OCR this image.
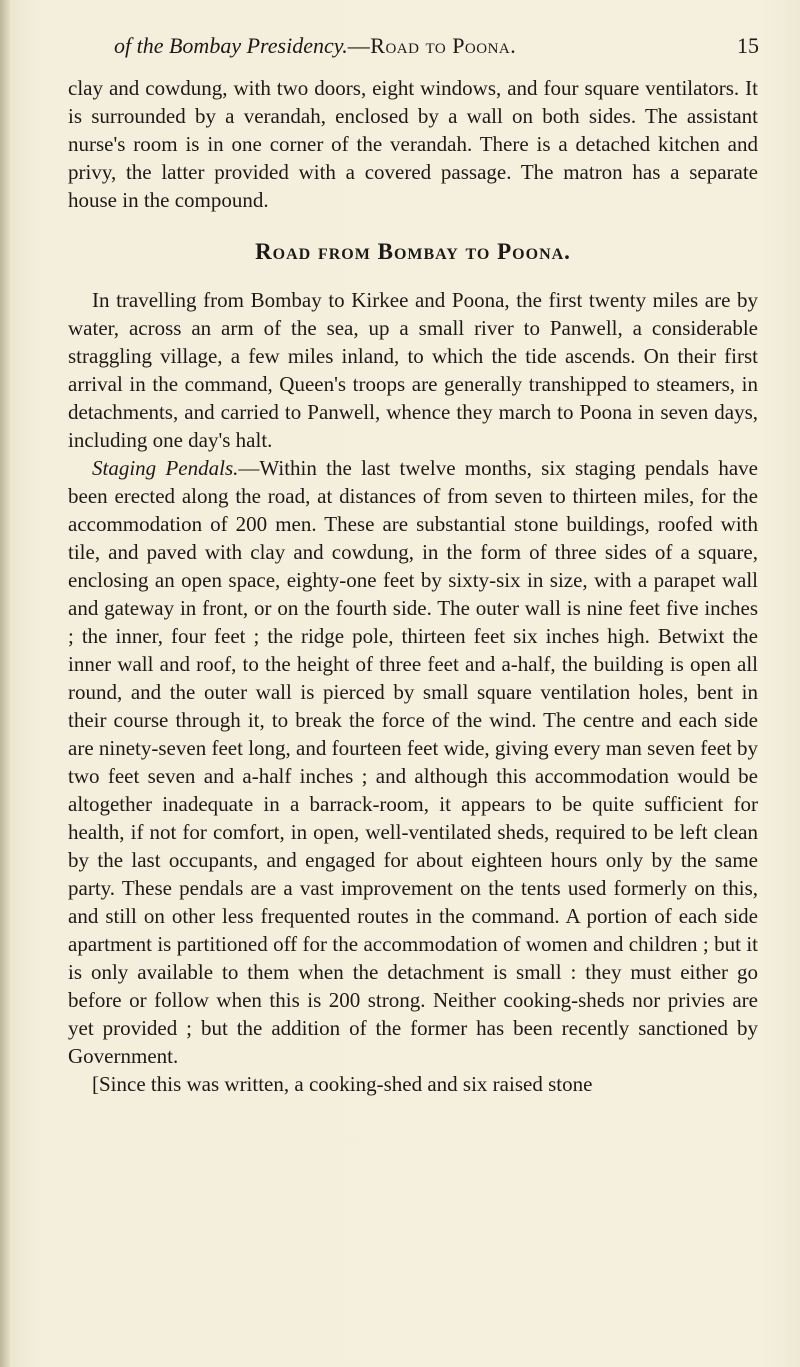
of the Bombay Presidency.—Road to Poona.	15

clay and cowdung, with two doors, eight windows, and four square ventilators. It is surrounded by a verandah, enclosed by a wall on both sides. The assistant nurse's room is in one corner of the verandah. There is a detached kitchen and privy, the latter provided with a covered passage. The matron has a separate house in the compound.

Road from Bombay to Poona.

In travelling from Bombay to Kirkee and Poona, the first twenty miles are by water, across an arm of the sea, up a small river to Panwell, a considerable straggling village, a few miles inland, to which the tide ascends. On their first arrival in the command, Queen's troops are generally transhipped to steamers, in detachments, and carried to Panwell, whence they march to Poona in seven days, including one day's halt.

Staging Pendals.—Within the last twelve months, six staging pendals have been erected along the road, at distances of from seven to thirteen miles, for the accommodation of 200 men. These are substantial stone buildings, roofed with tile, and paved with clay and cowdung, in the form of three sides of a square, enclosing an open space, eighty-one feet by sixty-six in size, with a parapet wall and gateway in front, or on the fourth side. The outer wall is nine feet five inches ; the inner, four feet ; the ridge pole, thirteen feet six inches high. Betwixt the inner wall and roof, to the height of three feet and a-half, the building is open all round, and the outer wall is pierced by small square ventilation holes, bent in their course through it, to break the force of the wind. The centre and each side are ninety-seven feet long, and fourteen feet wide, giving every man seven feet by two feet seven and a-half inches ; and although this accommodation would be altogether inadequate in a barrack-room, it appears to be quite sufficient for health, if not for comfort, in open, well-ventilated sheds, required to be left clean by the last occupants, and engaged for about eighteen hours only by the same party. These pendals are a vast improvement on the tents used formerly on this, and still on other less frequented routes in the command. A portion of each side apartment is partitioned off for the accommodation of women and children ; but it is only available to them when the detachment is small : they must either go before or follow when this is 200 strong. Neither cooking-sheds nor privies are yet provided ; but the addition of the former has been recently sanctioned by Government.

[Since this was written, a cooking-shed and six raised stone
